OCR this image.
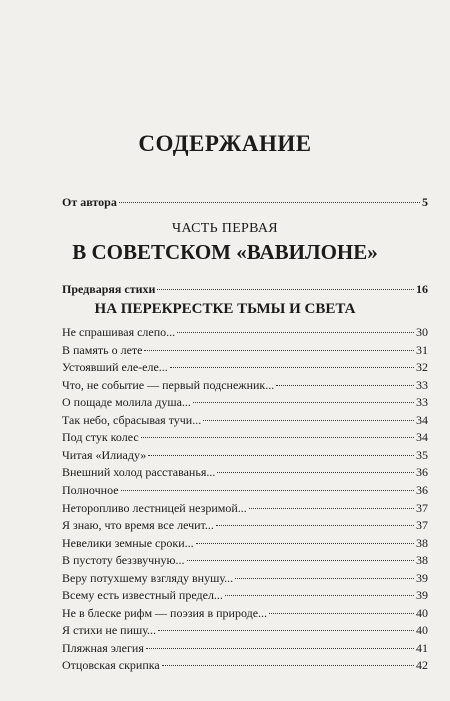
СОДЕРЖАНИЕ
От автора	5
ЧАСТЬ ПЕРВАЯ
В СОВЕТСКОМ «ВАВИЛОНЕ»
Предваряя стихи	16
НА ПЕРЕКРЕСТКЕ ТЬМЫ И СВЕТА
Не спрашивая слепо...	30
В память о лете	31
Устоявший еле-еле...	32
Что, не событие — первый подснежник...	33
О пощаде молила душа...	33
Так небо, сбрасывая тучи...	34
Под стук колес	34
Читая «Илиаду»	35
Внешний холод расставанья...	36
Полночное	36
Неторопливо лестницей незримой...	37
Я знаю, что время все лечит...	37
Невелики земные сроки...	38
В пустоту беззвучную...	38
Веру потухшему взгляду внушу...	39
Всему есть известный предел...	39
Не в блеске рифм — поэзия в природе...	40
Я стихи не пишу...	40
Пляжная элегия	41
Отцовская скрипка	42
